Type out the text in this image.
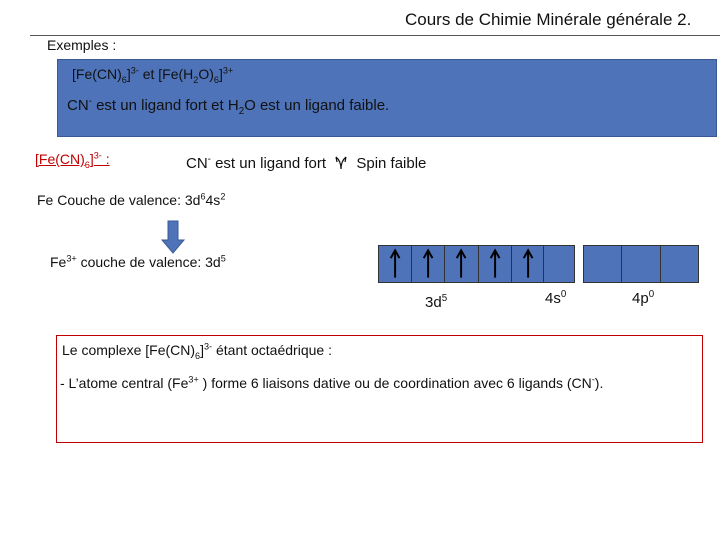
Cours de Chimie Minérale générale 2.
Exemples :
$[Fe(CN)_6]^{3-}$ et $[Fe(H_2O)_6]^{3+}$
CN- est un ligand fort et $H_2O$ est un ligand faible.
$[Fe(CN)_6]^{3-}$ :	CN- est un ligand fort Spin faible
Fe Couche de valence: $3d^64s^2$
$Fe^{3+}$ couche de valence: $3d^5$
$3d^5$	$4s^0$	$4p^0$
Le complexe $[Fe(CN)_6]^{3-}$ étant octaédrique :
- L’atome central ($Fe^{3+}$ ) forme 6 liaisons dative ou de coordination avec 6 ligands (CN-).
